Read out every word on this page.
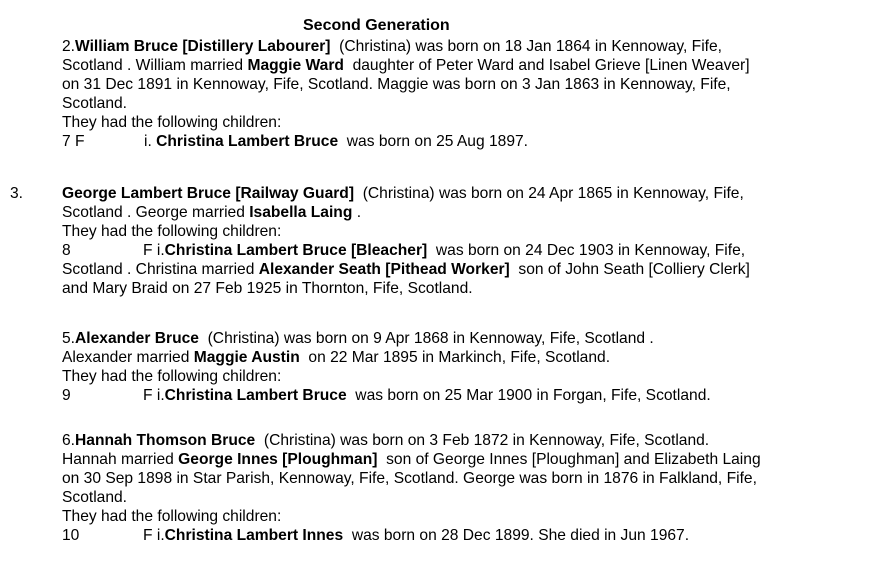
Second Generation
2.William Bruce [Distillery Labourer]  (Christina) was born on 18 Jan 1864 in Kennoway, Fife,
Scotland . William married Maggie Ward  daughter of Peter Ward and Isabel Grieve [Linen Weaver]
on 31 Dec 1891 in Kennoway, Fife, Scotland. Maggie was born on 3 Jan 1863 in Kennoway, Fife,
Scotland.
They had the following children:
7 F	i. Christina Lambert Bruce  was born on 25 Aug 1897.
3. George Lambert Bruce [Railway Guard]  (Christina) was born on 24 Apr 1865 in Kennoway, Fife,
Scotland . George married Isabella Laing .
They had the following children:
8	F i.Christina Lambert Bruce [Bleacher]  was born on 24 Dec 1903 in Kennoway, Fife,
Scotland . Christina married Alexander Seath [Pithead Worker]  son of John Seath [Colliery Clerk]
and Mary Braid on 27 Feb 1925 in Thornton, Fife, Scotland.
5.Alexander Bruce  (Christina) was born on 9 Apr 1868 in Kennoway, Fife, Scotland .
Alexander married Maggie Austin  on 22 Mar 1895 in Markinch, Fife, Scotland.
They had the following children:
9	F i.Christina Lambert Bruce  was born on 25 Mar 1900 in Forgan, Fife, Scotland.
6.Hannah Thomson Bruce  (Christina) was born on 3 Feb 1872 in Kennoway, Fife, Scotland.
Hannah married George Innes [Ploughman]  son of George Innes [Ploughman] and Elizabeth Laing
on 30 Sep 1898 in Star Parish, Kennoway, Fife, Scotland. George was born in 1876 in Falkland, Fife,
Scotland.
They had the following children:
10	F i.Christina Lambert Innes  was born on 28 Dec 1899. She died in Jun 1967.
